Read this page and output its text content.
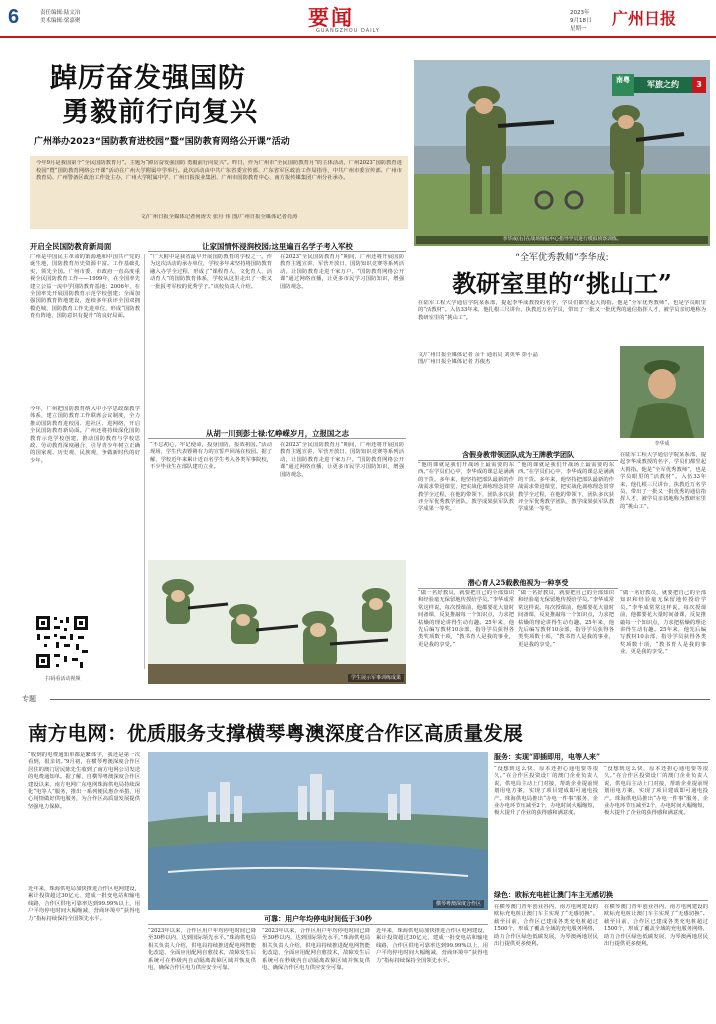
6	责任编辑:陆文冶
美术编辑:梁嘉聚	要闻
GUANGZHOU DAILY
2023年
9月18日
星期一
广州日报
踔厉奋发强国防
勇毅前行向复兴
广州举办2023“国防教育进校园”暨“国防教育网络公开课”活动
今年9月是我国第个“全民国防教育月”。主题为“踔厉奋发强国防 勇毅前行向复兴”。昨日，作为广州市“全民国防教育月”的主体活动，广州2023“国防教育进校园”暨“国防教育网络公开课”活动在广州大学附属中学举行。此次活动由中共广东省委宣传部、广东省军区政治工作局指导，中共广州市委宣传部、广州市教育局、广州警备区政治工作处主办，广州大学附属中学、广州日报报业集团、广州市国防教育中心、南方报传媒集团广州分社承办。
文/广州日报全媒体记者何涛夫 张丹 伟 图/广州日报全媒体记者肖涛
开启全民国防教育新局面	让家国情怀浸润校园;这里遍百名学子考入军校
广州是中国民主革命的策源地和中国共产党的诞生地，国防教育历史资源丰富。工作基础扎实，领先全国。广州市委、市政府一直高度重视全民国防教育工作——1999年，在全国率先建立公益一流中学国防教育基地；2006年，在全国率先开展国防教育示范学校创建；全面加强国防教育阵地建设，连续多年获评全国双拥模范城、国防教育工作先进单位，形成“国防教育有阵地、国防意识有提升”的良好局面。
今年，广州把国防教育纳入中小学思政课教学体系，建立国防教育工作联席会议制度，全力推动国防教育进校园、进社区、进网络，开启全民国防教育新局面。广州还将持续深化国防教育示范学校创建，推动国防教育与学校思政、劳动教育深度融合，引导青少年树立正确的国家观、历史观、民族观，争做新时代的好少年。
“广大附中是我省最早开展国防教育的学校之一。作为这次活动的承办单位，学校多年来坚持将国防教育融入办学全过程，形成了“课程育人、文化育人、活动育人”的国防教育体系，学校从这里走出了一批又一批报考军校的优秀学子。”该校负责人介绍。
在2023“全民国防教育月”期间，广州还将开展国防教育主题宣讲、军营开放日、国防知识竞赛等系列活动，让国防教育走进千家万户。“国防教育网络公开课”通过网络直播，让更多市民学习国防知识，增强国防观念。
从胡一川到彭士禄:忆峥嵘岁月，立报国之志
“不忘初心，牢记使命，投身国防，报效祖国。”活动现场，学生代表铿锵有力的宣誓声回荡在校园。据了解，学校近年来累计近百名学生考入各类军事院校，不少毕业生在部队建功立业。
在2023“全民国防教育月”期间，广州还将开展国防教育主题宣讲、军营开放日、国防知识竞赛等系列活动，让国防教育走进千家万户。“国防教育网络公开课”通过网络直播，让更多市民学习国防知识，增强国防观念。
扫码看活动视频	学生展示军事训练成果
南粤	军旅之约	3
李华成(右)在战场情报中心指导学员进行模拟侦察训练。
“全军优秀教师”李华成:
教研室里的“挑山工”
在陆军工程大学通信学院某系部，提起李华成教授的名字，学员们都竖起大拇指。他是“全军优秀教师”，也是学员眼里的“活教材”。入伍33年来，他扎根三尺讲台，执教近万名学员，带出了一批又一批优秀的通信指挥人才，被学员亲切地称为教研室里的“挑山工”。
文/广州日报全媒体记者 余千 通讯员 刘英华 彭小晶
图/广州日报全媒体记者 苏俊杰
李华成
含假身教带领团队成为王牌教学团队
“他的课就是我们开战场上最需要的东西。”在学员们心中，李华成的课总是满满的干货。多年来，他坚持把部队最新的作战需求带进课堂，把实战化训练理念贯穿教学全过程，在他的带领下，团队多次获评全军优秀教学团队，教学成果获军队教学成果一等奖。
“他的课就是我们开战场上最需要的东西。”在学员们心中，李华成的课总是满满的干货。多年来，他坚持把部队最新的作战需求带进课堂，把实战化训练理念贯穿教学全过程，在他的带领下，团队多次获评全军优秀教学团队，教学成果获军队教学成果一等奖。
在陆军工程大学通信学院某系部，提起李华成教授的名字，学员们都竖起大拇指。他是“全军优秀教师”，也是学员眼里的“活教材”。入伍33年来，他扎根三尺讲台，执教近万名学员，带出了一批又一批优秀的通信指挥人才，被学员亲切地称为教研室里的“挑山工”。
潜心育人25载教他视为一种享受
“做一名好教员，就要把自己的全部知识和经验毫无保留地传授给学员。”李华成常常这样说。每次授课前，他都要花大量时间备课，反复推敲每一个知识点，力求把枯燥的理论讲得生动有趣。25年来，他先后编写教材10余部，指导学员获得各类奖项数十项，“教书育人是我的事业，更是我的享受。”
“做一名好教员，就要把自己的全部知识和经验毫无保留地传授给学员。”李华成常常这样说。每次授课前，他都要花大量时间备课，反复推敲每一个知识点，力求把枯燥的理论讲得生动有趣。25年来，他先后编写教材10余部，指导学员获得各类奖项数十项，“教书育人是我的事业，更是我的享受。”
“做一名好教员，就要把自己的全部知识和经验毫无保留地传授给学员。”李华成常常这样说。每次授课前，他都要花大量时间备课，反复推敲每一个知识点，力求把枯燥的理论讲得生动有趣。25年来，他先后编写教材10余部，指导学员获得各类奖项数十项，“教书育人是我的事业，更是我的享受。”
专题
南方电网：优质服务支撑横琴粤澳深度合作区高质量发展
“收到的电费通知单都是繁体字，我还是第一次看到，很亲切。”9月初，在横琴粤澳深度合作区居住的澳门居民陈先生收到了南方电网公司发送的电费通知单。据了解，自横琴粤澳深度合作区建设以来，南方电网广东电网珠海供电局持续深化“电等人”服务，推出一系列便民惠企举措，用心用情做好供电服务，为合作区高质量发展提供坚强电力保障。
近年来，珠海供电局加快推进合作区电网建设，累计投资超过30亿元，建成一批变电站和输电线路，合作区供电可靠率达到99.99%以上，用户平均停电时间大幅缩减，营商环境中“获得电力”指标持续保持全国领先水平。
横琴粤澳深度合作区
可靠：用户年均停电时间低于30秒
“2023年以来，合作区用户年均停电时间已降至30秒以内，达到国际领先水平。”珠海供电局相关负责人介绍，供电局持续推进配电网智能化改造，全面应用配网自愈技术，故障发生后系统可在秒级内自动隔离故障区域并恢复供电，确保合作区电力供应安全可靠。
“2023年以来，合作区用户年均停电时间已降至30秒以内，达到国际领先水平。”珠海供电局相关负责人介绍，供电局持续推进配电网智能化改造，全面应用配网自愈技术，故障发生后系统可在秒级内自动隔离故障区域并恢复供电，确保合作区电力供应安全可靠。
近年来，珠海供电局加快推进合作区电网建设，累计投资超过30亿元，建成一批变电站和输电线路，合作区供电可靠率达到99.99%以上，用户平均停电时间大幅缩减，营商环境中“获得电力”指标持续保持全国领先水平。
服务：实现“即插即用，电等人来”
“没想到这么快，原本还担心通电要等很久。”在合作区投资设厂的澳门企业负责人说，供电局主动上门对接，帮助企业提前规划用电方案，实现了项目建成即可通电投产。珠海供电局推出“办电一件事”服务，企业办电环节压减至2个，办电时间大幅缩短，极大提升了企业的获得感和满意度。
“没想到这么快，原本还担心通电要等很久。”在合作区投资设厂的澳门企业负责人说，供电局主动上门对接，帮助企业提前规划用电方案，实现了项目建成即可通电投产。珠海供电局推出“办电一件事”服务，企业办电环节压减至2个，办电时间大幅缩短，极大提升了企业的获得感和满意度。
绿色：欧标充电桩让澳门车主无感切换
在横琴澳门青年创业谷内，南方电网建设的欧标充电桩让澳门车主实现了“无感切换”。截至目前，合作区已建成各类充电桩超过1500个，形成了覆盖全域的充电服务网络，助力合作区绿色低碳发展，为琴澳两地居民出行提供更多便利。
在横琴澳门青年创业谷内，南方电网建设的欧标充电桩让澳门车主实现了“无感切换”。截至目前，合作区已建成各类充电桩超过1500个，形成了覆盖全域的充电服务网络，助力合作区绿色低碳发展，为琴澳两地居民出行提供更多便利。
